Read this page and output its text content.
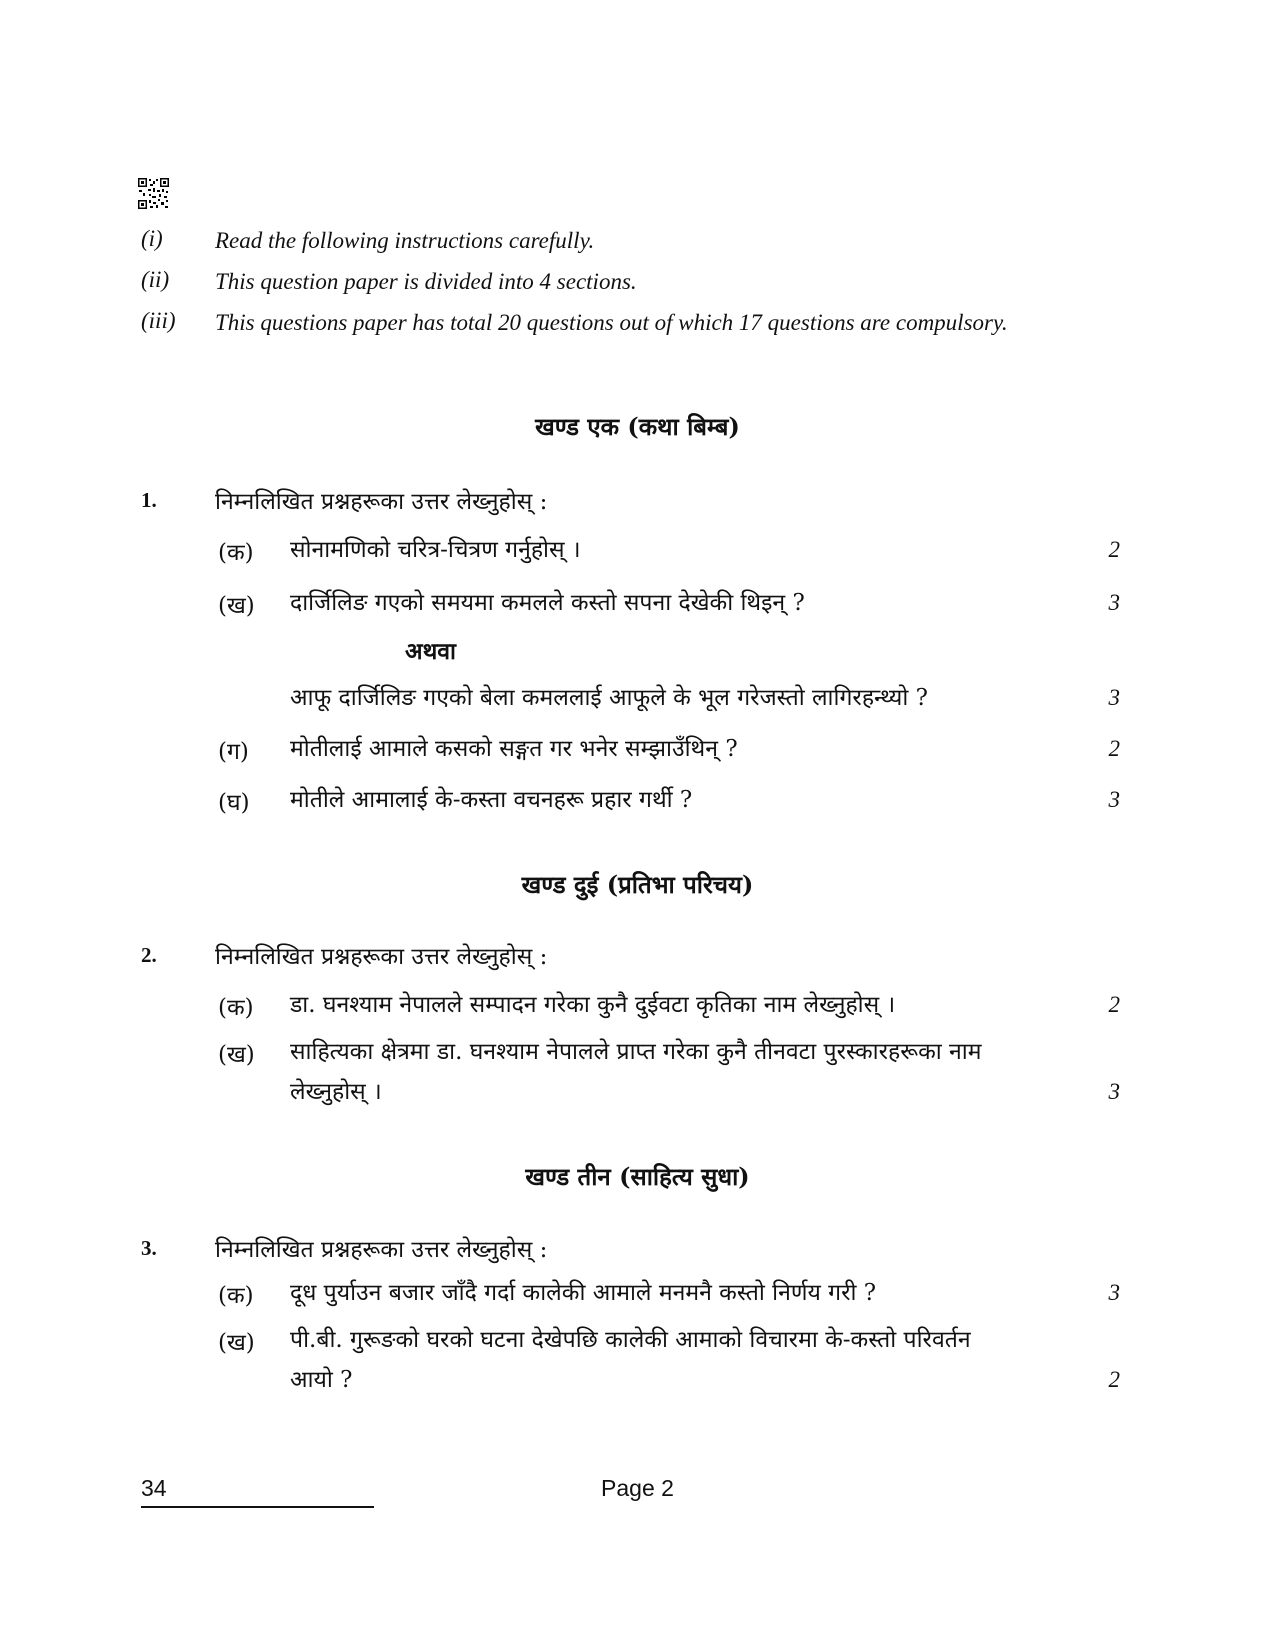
(i) Read the following instructions carefully.
(ii) This question paper is divided into 4 sections.
(iii) This questions paper has total 20 questions out of which 17 questions are compulsory.
खण्ड एक (कथा बिम्ब)
1.	निम्नलिखित प्रश्नहरूका उत्तर लेख्नुहोस् :
(क) सोनामणिको चरित्र-चित्रण गर्नुहोस् ।	2
(ख) दार्जिलिङ गएको समयमा कमलले कस्तो सपना देखेकी थिइन् ?	3
अथवा
आफू दार्जिलिङ गएको बेला कमललाई आफूले के भूल गरेजस्तो लागिरहन्थ्यो ?	3
(ग) मोतीलाई आमाले कसको सङ्गत गर भनेर सम्झाउँथिन् ?	2
(घ) मोतीले आमालाई के-कस्ता वचनहरू प्रहार गर्थी ?	3
खण्ड दुई (प्रतिभा परिचय)
2.	निम्नलिखित प्रश्नहरूका उत्तर लेख्नुहोस् :
(क) डा. घनश्याम नेपालले सम्पादन गरेका कुनै दुईवटा कृतिका नाम लेख्नुहोस् ।	2
(ख) साहित्यका क्षेत्रमा डा. घनश्याम नेपालले प्राप्त गरेका कुनै तीनवटा पुरस्कारहरूका नाम
लेख्नुहोस् ।	3
खण्ड तीन (साहित्य सुधा)
3.	निम्नलिखित प्रश्नहरूका उत्तर लेख्नुहोस् :
(क) दूध पुर्याउन बजार जाँदै गर्दा कालेकी आमाले मनमनै कस्तो निर्णय गरी ?	3
(ख) पी.बी. गुरूङको घरको घटना देखेपछि कालेकी आमाको विचारमा के-कस्तो परिवर्तन
आयो ?	2
34	Page 2
